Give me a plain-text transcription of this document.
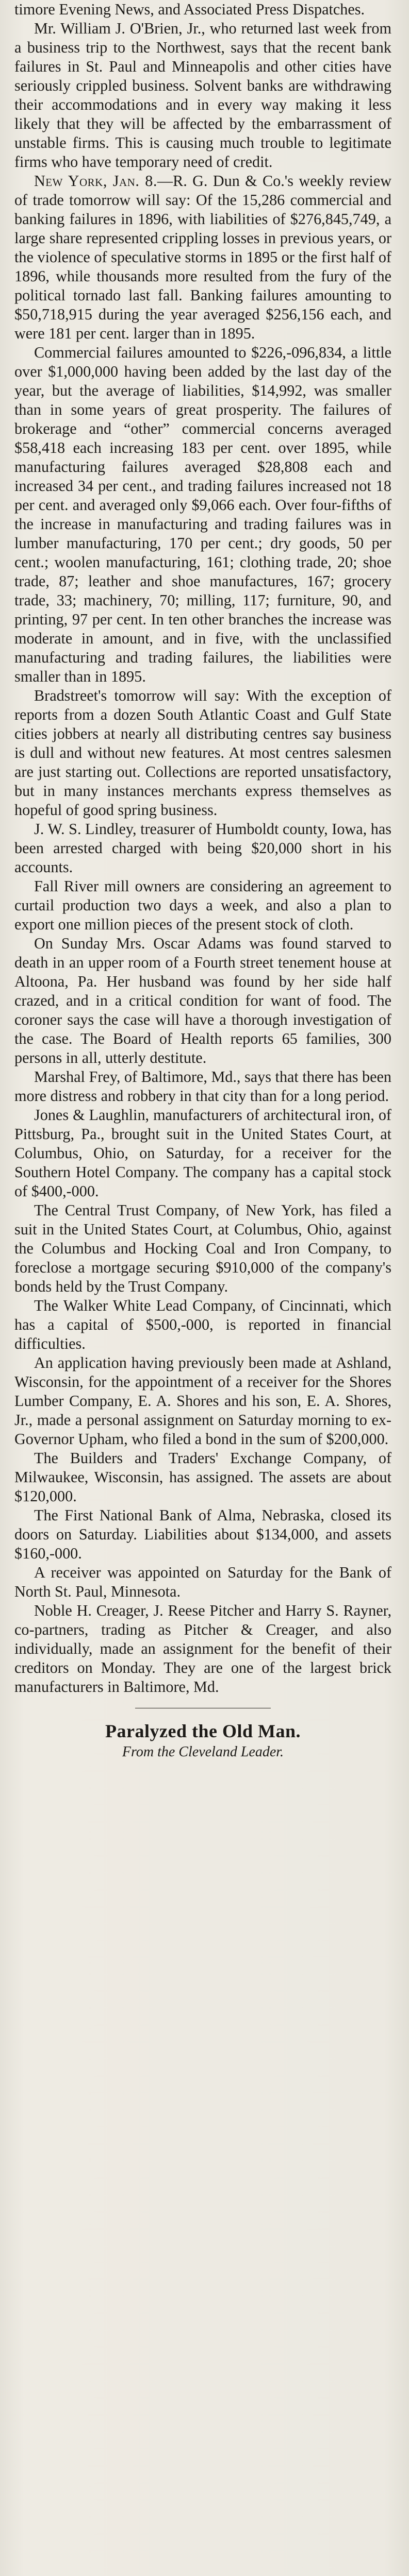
timore Evening News, and Associated Press Dispatches.

Mr. William J. O'Brien, Jr., who returned last week from a business trip to the Northwest, says that the recent bank failures in St. Paul and Minneapolis and other cities have seriously crippled business. Solvent banks are withdrawing their accommodations and in every way making it less likely that they will be affected by the embarrassment of unstable firms. This is causing much trouble to legitimate firms who have temporary need of credit.

New York, Jan. 8.—R. G. Dun & Co.'s weekly review of trade tomorrow will say: Of the 15,286 commercial and banking failures in 1896, with liabilities of $276,845,749, a large share represented crippling losses in previous years, or the violence of speculative storms in 1895 or the first half of 1896, while thousands more resulted from the fury of the political tornado last fall. Banking failures amounting to $50,718,915 during the year averaged $256,156 each, and were 181 per cent. larger than in 1895.

Commercial failures amounted to $226,-096,834, a little over $1,000,000 having been added by the last day of the year, but the average of liabilities, $14,992, was smaller than in some years of great prosperity. The failures of brokerage and “other” commercial concerns averaged $58,418 each increasing 183 per cent. over 1895, while manufacturing failures averaged $28,808 each and increased 34 per cent., and trading failures increased not 18 per cent. and averaged only $9,066 each. Over four-fifths of the increase in manufacturing and trading failures was in lumber manufacturing, 170 per cent.; dry goods, 50 per cent.; woolen manufacturing, 161; clothing trade, 20; shoe trade, 87; leather and shoe manufactures, 167; grocery trade, 33; machinery, 70; milling, 117; furniture, 90, and printing, 97 per cent. In ten other branches the increase was moderate in amount, and in five, with the unclassified manufacturing and trading failures, the liabilities were smaller than in 1895.

Bradstreet's tomorrow will say: With the exception of reports from a dozen South Atlantic Coast and Gulf State cities jobbers at nearly all distributing centres say business is dull and without new features. At most centres salesmen are just starting out. Collections are reported unsatisfactory, but in many instances merchants express themselves as hopeful of good spring business.

J. W. S. Lindley, treasurer of Humboldt county, Iowa, has been arrested charged with being $20,000 short in his accounts.

Fall River mill owners are considering an agreement to curtail production two days a week, and also a plan to export one million pieces of the present stock of cloth.

On Sunday Mrs. Oscar Adams was found starved to death in an upper room of a Fourth street tenement house at Altoona, Pa. Her husband was found by her side half crazed, and in a critical condition for want of food. The coroner says the case will have a thorough investigation of the case. The Board of Health reports 65 families, 300 persons in all, utterly destitute.

Marshal Frey, of Baltimore, Md., says that there has been more distress and robbery in that city than for a long period.

Jones & Laughlin, manufacturers of architectural iron, of Pittsburg, Pa., brought suit in the United States Court, at Columbus, Ohio, on Saturday, for a receiver for the Southern Hotel Company. The company has a capital stock of $400,-000.

The Central Trust Company, of New York, has filed a suit in the United States Court, at Columbus, Ohio, against the Columbus and Hocking Coal and Iron Company, to foreclose a mortgage securing $910,000 of the company's bonds held by the Trust Company.

The Walker White Lead Company, of Cincinnati, which has a capital of $500,-000, is reported in financial difficulties.

An application having previously been made at Ashland, Wisconsin, for the appointment of a receiver for the Shores Lumber Company, E. A. Shores and his son, E. A. Shores, Jr., made a personal assignment on Saturday morning to ex-Governor Upham, who filed a bond in the sum of $200,000.

The Builders and Traders' Exchange Company, of Milwaukee, Wisconsin, has assigned. The assets are about $120,000.

The First National Bank of Alma, Nebraska, closed its doors on Saturday. Liabilities about $134,000, and assets $160,-000.

A receiver was appointed on Saturday for the Bank of North St. Paul, Minnesota.

Noble H. Creager, J. Reese Pitcher and Harry S. Rayner, co-partners, trading as Pitcher & Creager, and also individually, made an assignment for the benefit of their creditors on Monday. They are one of the largest brick manufacturers in Baltimore, Md.

Paralyzed the Old Man.
From the Cleveland Leader.
